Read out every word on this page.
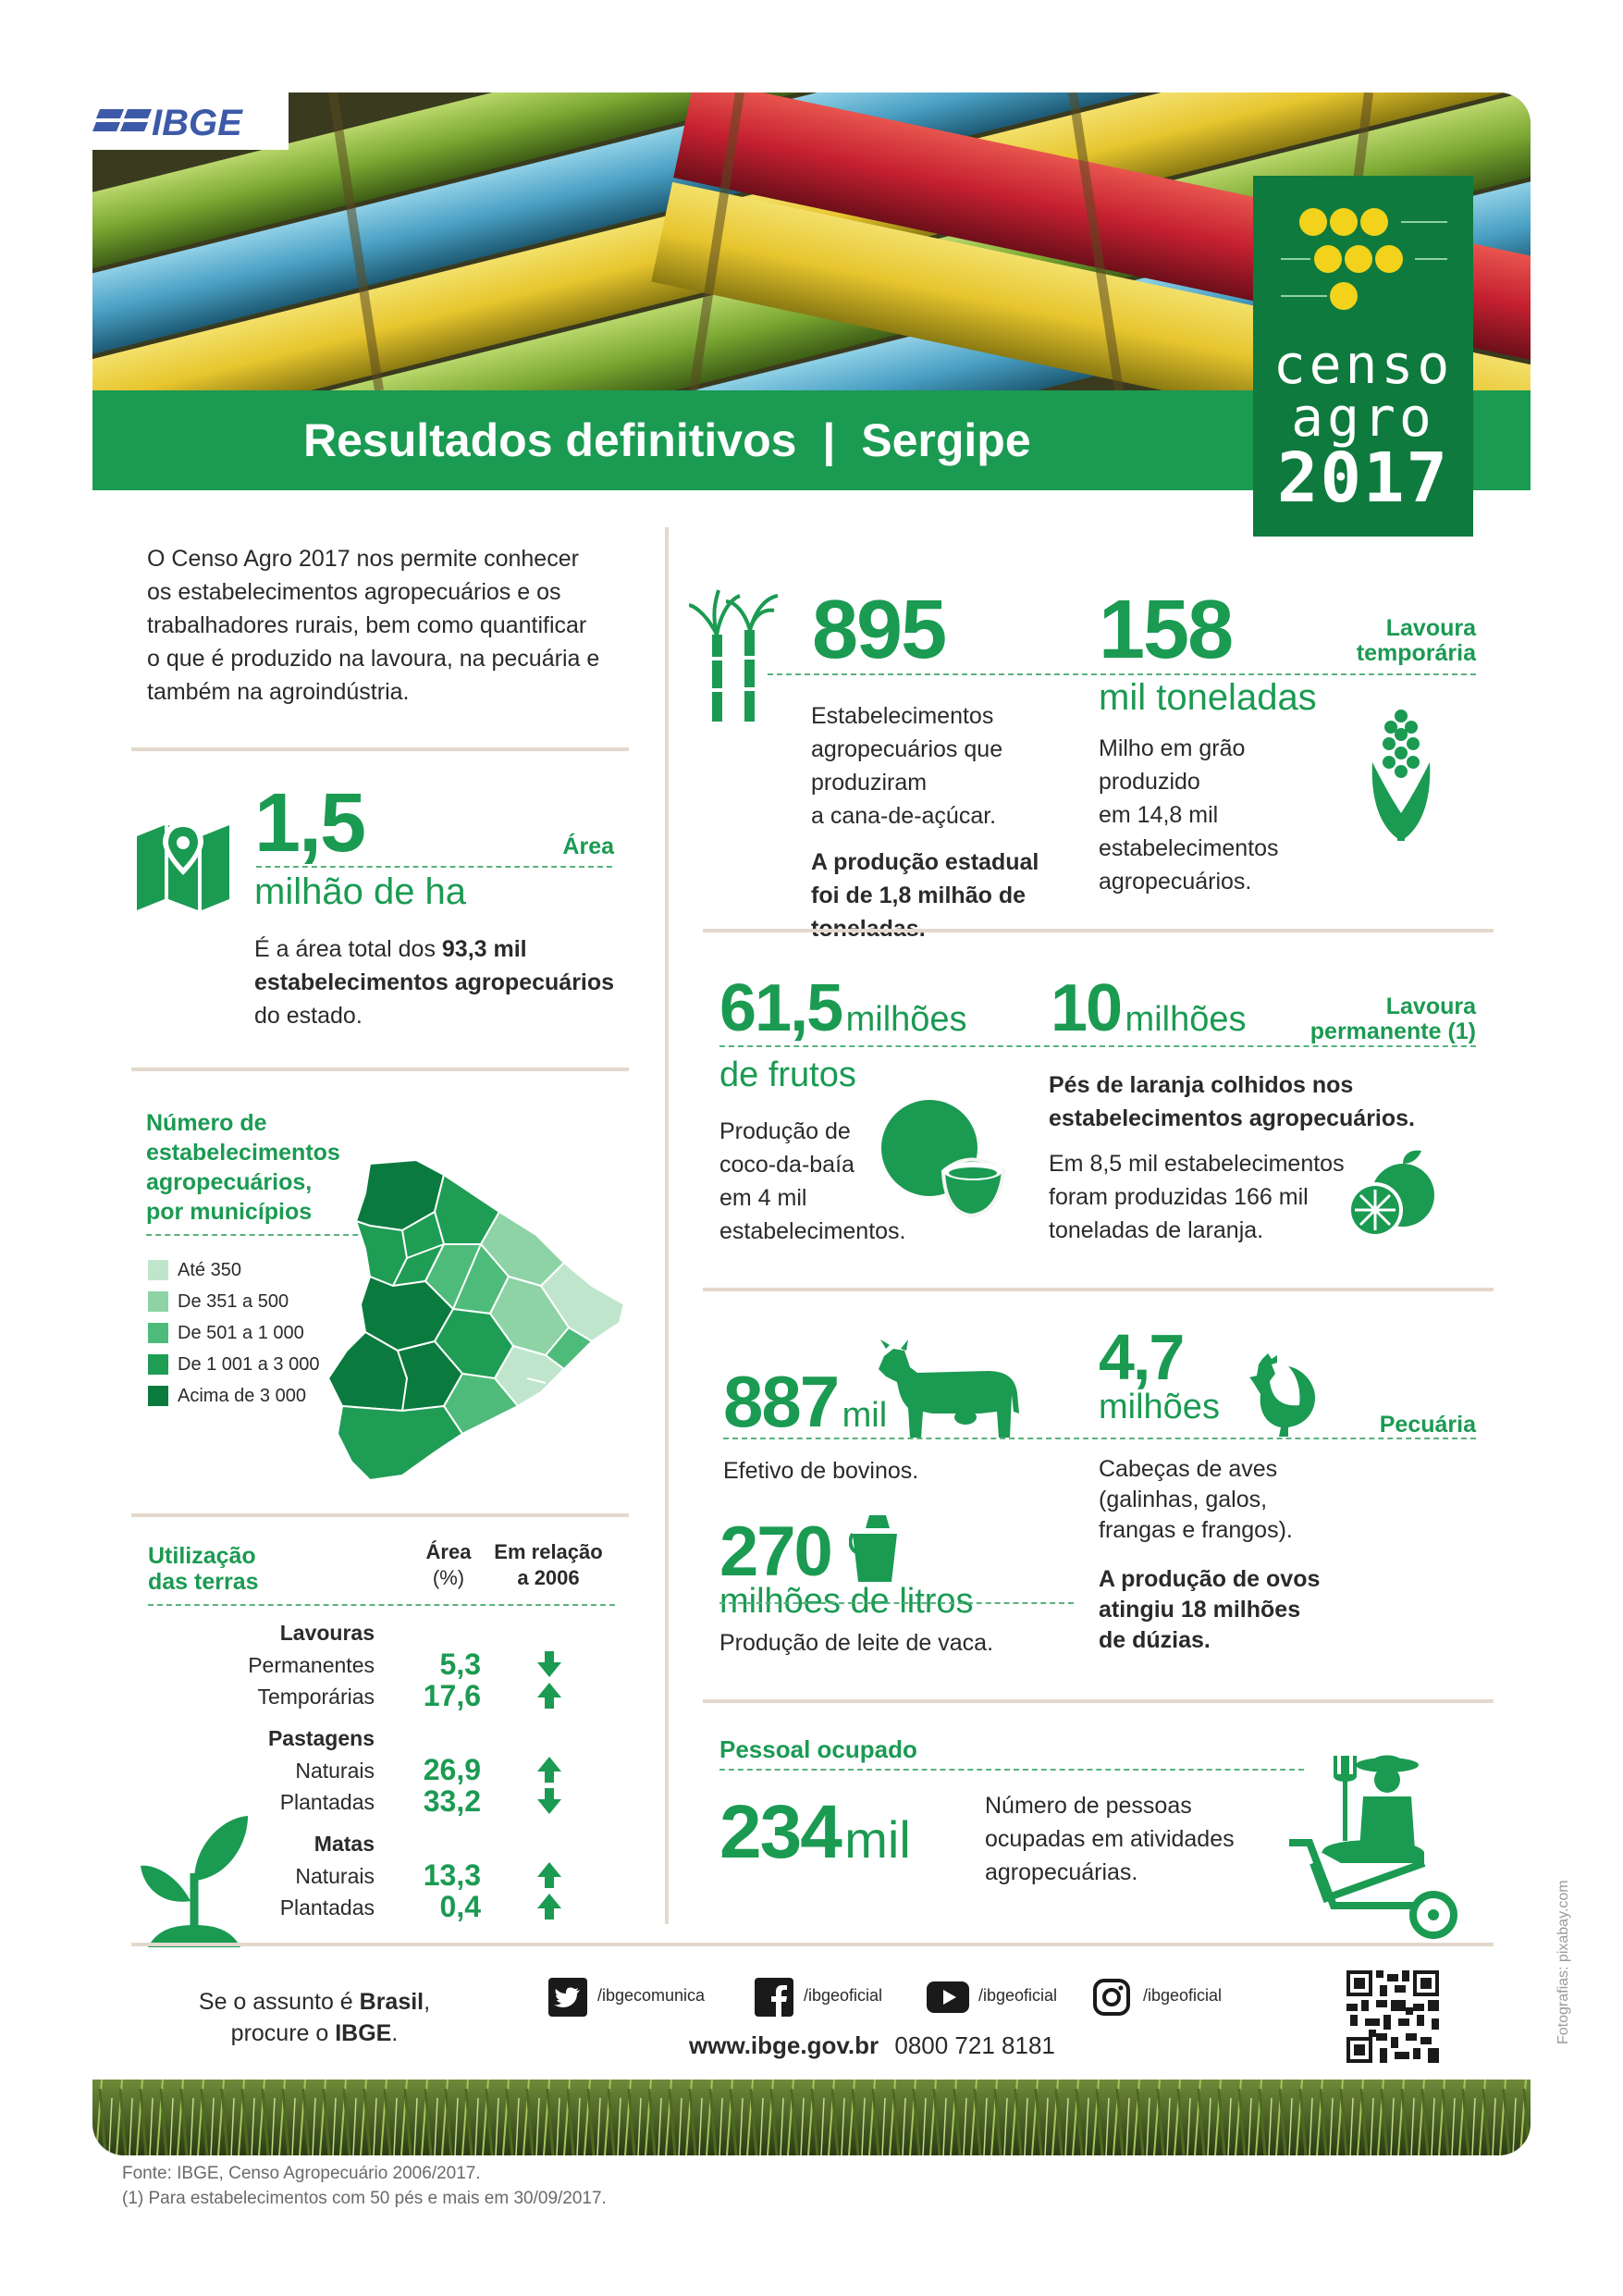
IBGE
Resultados definitivos | Sergipe
censo
agro
2017
O Censo Agro 2017 nos permite conhecer
os estabelecimentos agropecuários e os
trabalhadores rurais, bem como quantificar
o que é produzido na lavoura, na pecuária e
também na agroindústria.
1,5	Área
milhão de ha
É a área total dos 93,3 mil estabelecimentos agropecuários
do estado.
Número de
estabelecimentos
agropecuários,
por municípios
Até 350
De 351 a 500
De 501 a 1 000
De 1 001 a 3 000
Acima de 3 000
Utilização
das terras
Área
(%)
Em relação
a 2006
Lavouras
Permanentes	5,3
Temporárias	17,6
Pastagens
Naturais	26,9
Plantadas	33,2
Matas
Naturais	13,3
Plantadas	0,4
895 158	Lavoura
temporária
mil toneladas
Estabelecimentos
agropecuários que
produziram
a cana-de-açúcar.
A produção estadual
foi de 1,8 milhão de
Milho em grão
produzido
em 14,8 mil
estabelecimentos
agropecuários.
61,5 milhões 10 milhões	Lavoura
permanente (1)
de frutos
Produção de
coco-da-baía
em 4 mil
estabelecimentos.
Pés de laranja colhidos nos
estabelecimentos agropecuários.
Em 8,5 mil estabelecimentos
foram produzidas 166 mil
toneladas de laranja.
887 mil
4,7
milhões	Pecuária
Efetivo de bovinos.	Cabeças de aves
(galinhas, galos,
frangas e frangos).
A produção de ovos
atingiu 18 milhões
de dúzias.
270
milhões de litros
Produção de leite de vaca.
Pessoal ocupado
234 mil
Número de pessoas
ocupadas em atividades
agropecuárias.
Se o assunto é Brasil,
procure o IBGE.
/ibgecomunica	/ibgeoficial	/ibgeoficial	/ibgeoficial
www.ibge.gov.br 0800 721 8181
Fotografias: pixabay.com
Fonte: IBGE, Censo Agropecuário 2006/2017.
(1) Para estabelecimentos com 50 pés e mais em 30/09/2017.
